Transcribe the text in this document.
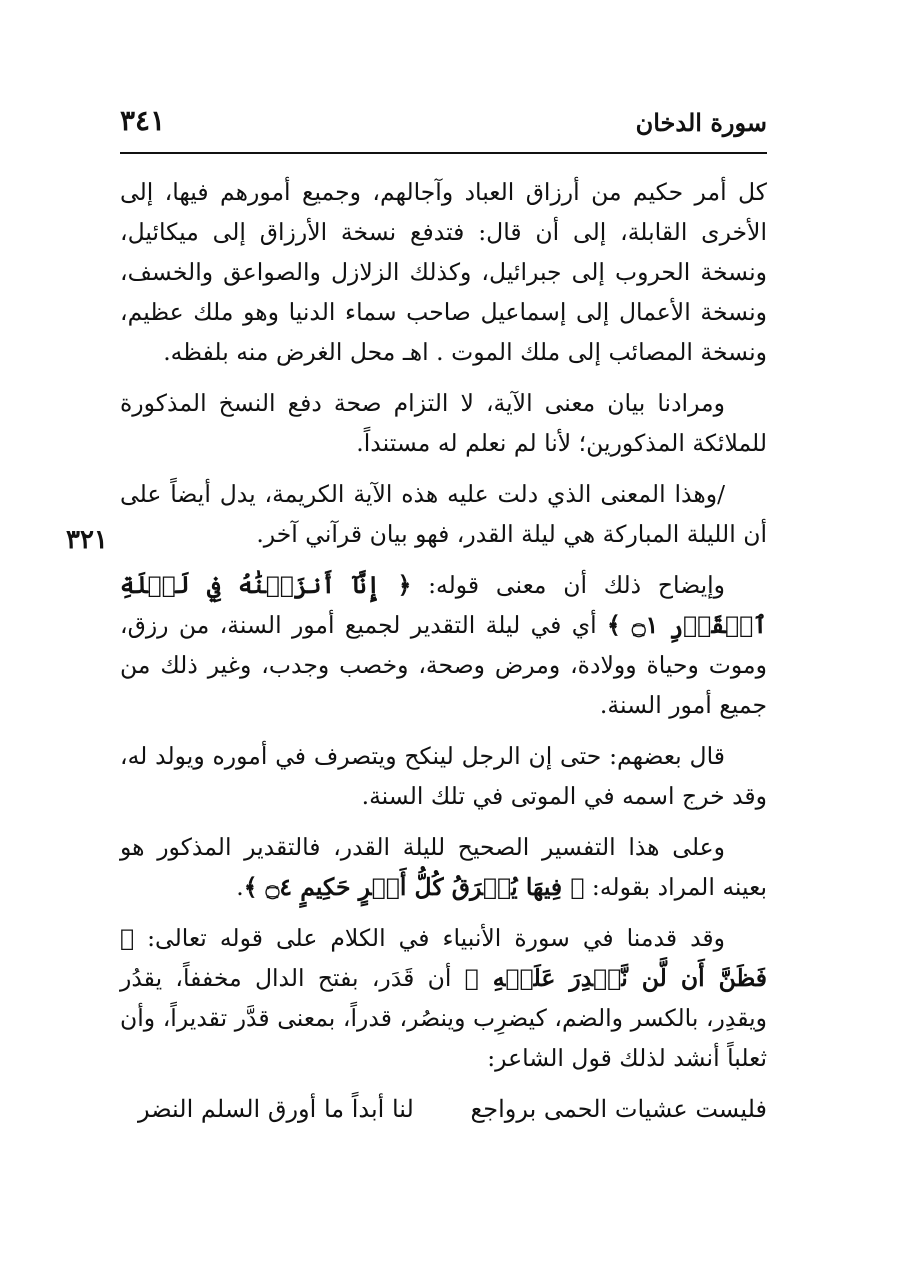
سورة الدخان
٣٤١
٣٢١

كل أمر حكيم من أرزاق العباد وآجالهم، وجميع أمورهم فيها، إلى الأخرى القابلة، إلى أن قال: فتدفع نسخة الأرزاق إلى ميكائيل، ونسخة الحروب إلى جبرائيل، وكذلك الزلازل والصواعق والخسف، ونسخة الأعمال إلى إسماعيل صاحب سماء الدنيا وهو ملك عظيم، ونسخة المصائب إلى ملك الموت . اهـ محل الغرض منه بلفظه.

ومرادنا بيان معنى الآية، لا التزام صحة دفع النسخ المذكورة للملائكة المذكورين؛ لأنا لم نعلم له مستنداً.

/وهذا المعنى الذي دلت عليه هذه الآية الكريمة، يدل أيضاً على أن الليلة المباركة هي ليلة القدر، فهو بيان قرآني آخر.

وإيضاح ذلك أن معنى قوله: ﴿ إِنَّآ أَنزَلۡنَٰهُ فِي لَيۡلَةِ ٱلۡقَدۡرِ ۝١ ﴾ أي في ليلة التقدير لجميع أمور السنة، من رزق، وموت وحياة وولادة، ومرض وصحة، وخصب وجدب، وغير ذلك من جميع أمور السنة.

قال بعضهم: حتى إن الرجل لينكح ويتصرف في أموره ويولد له، وقد خرج اسمه في الموتى في تلك السنة.

وعلى هذا التفسير الصحيح لليلة القدر، فالتقدير المذكور هو بعينه المراد بقوله: ﴿ فِيهَا يُفۡرَقُ كُلُّ أَمۡرٍ حَكِيمٍ ۝٤ ﴾.

وقد قدمنا في سورة الأنبياء في الكلام على قوله تعالى: ﴿ فَظَنَّ أَن لَّن نَّقۡدِرَ عَلَيۡهِ ﴾ أن قَدَر، بفتح الدال مخففاً، يقدُر ويقدِر، بالكسر والضم، كيضرِب وينصُر، قدراً، بمعنى قدَّر تقديراً، وأن ثعلباً أنشد لذلك قول الشاعر:

فليست عشيات الحمى برواجع
لنا أبداً ما أورق السلم النضر
